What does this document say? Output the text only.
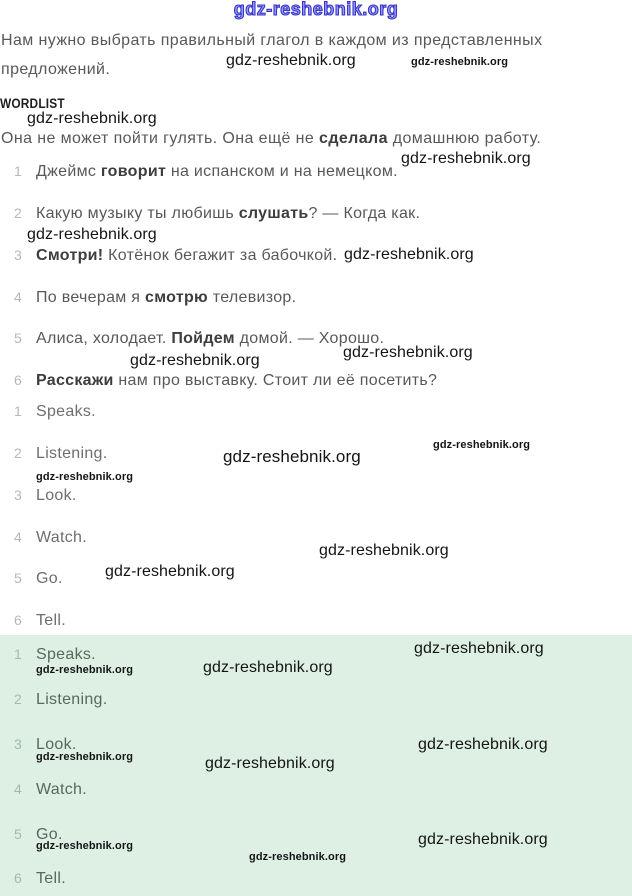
gdz-reshebnik.org
gdz-reshebnik.org	gdz-reshebnik.org
gdz-reshebnik.org
gdz-reshebnik.org
gdz-reshebnik.org
gdz-reshebnik.org
gdz-reshebnik.org
gdz-reshebnik.org
gdz-reshebnik.org
gdz-reshebnik.org
gdz-reshebnik.org
gdz-reshebnik.org
gdz-reshebnik.org
gdz-reshebnik.org
gdz-reshebnik.org
gdz-reshebnik.org
gdz-reshebnik.org
gdz-reshebnik.org
gdz-reshebnik.org
gdz-reshebnik.org
gdz-reshebnik.org
gdz-reshebnik.org
Нам нужно выбрать правильный глагол в каждом из представленных
предложений.
WORDLIST
Она не может пойти гулять. Она ещё не сделала домашнюю работу.
1 Джеймс говорит на испанском и на немецком.
2 Какую музыку ты любишь слушать? — Когда как.
3 Смотри! Котёнок бегажит за бабочкой.
4 По вечерам я смотрю телевизор.
5 Алиса, холодает. Пойдем домой. — Хорошо.
6 Расскажи нам про выставку. Стоит ли её посетить?
1 Speaks.
2 Listening.
3 Look.
4 Watch.
5 Go.
6 Tell.
1 Speaks.
2 Listening.
3 Look.
4 Watch.
5 Go.
6 Tell.
